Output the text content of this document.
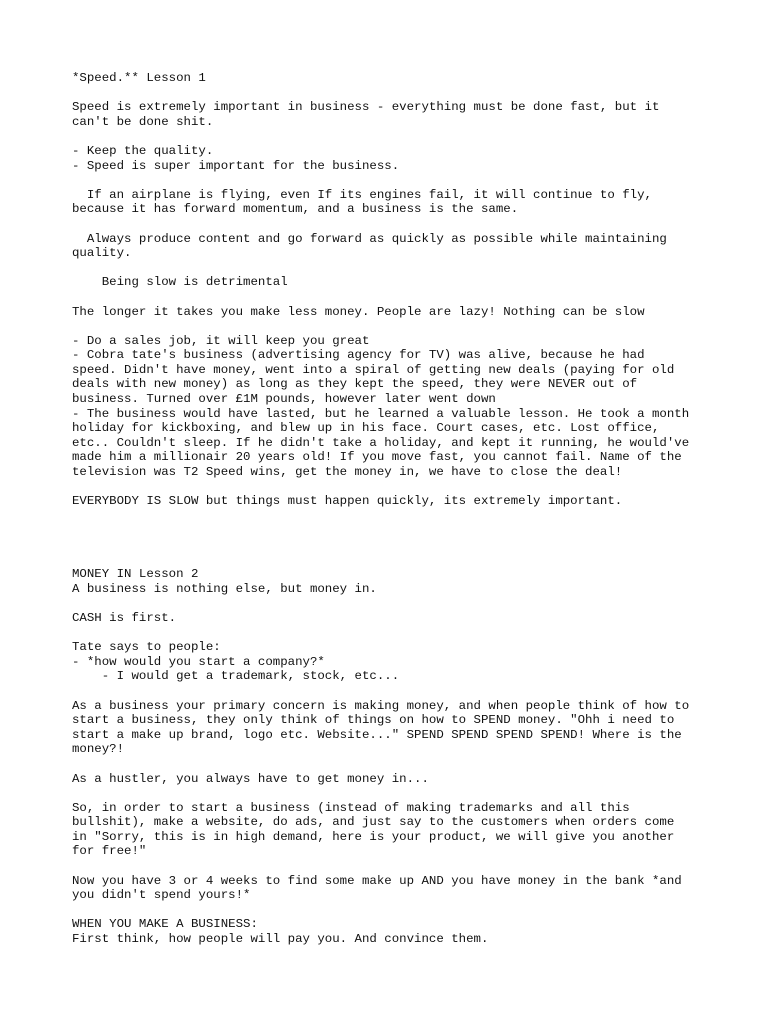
*Speed.** Lesson 1
Speed is extremely important in business - everything must be done fast, but it
can't be done shit.
- Keep the quality.
- Speed is super important for the business.
If an airplane is flying, even If its engines fail, it will continue to fly,
because it has forward momentum, and a business is the same.
Always produce content and go forward as quickly as possible while maintaining
quality.
Being slow is detrimental
The longer it takes you make less money. People are lazy! Nothing can be slow
- Do a sales job, it will keep you great
- Cobra tate's business (advertising agency for TV) was alive, because he had
speed. Didn't have money, went into a spiral of getting new deals (paying for old
deals with new money) as long as they kept the speed, they were NEVER out of
business. Turned over £1M pounds, however later went down
- The business would have lasted, but he learned a valuable lesson. He took a month
holiday for kickboxing, and blew up in his face. Court cases, etc. Lost office,
etc.. Couldn't sleep. If he didn't take a holiday, and kept it running, he would've
made him a millionair 20 years old! If you move fast, you cannot fail. Name of the
television was T2 Speed wins, get the money in, we have to close the deal!
EVERYBODY IS SLOW but things must happen quickly, its extremely important.
MONEY IN Lesson 2
A business is nothing else, but money in.
CASH is first.
Tate says to people:
- *how would you start a company?*
- I would get a trademark, stock, etc...
As a business your primary concern is making money, and when people think of how to
start a business, they only think of things on how to SPEND money. "Ohh i need to
start a make up brand, logo etc. Website..." SPEND SPEND SPEND SPEND! Where is the
money?!
As a hustler, you always have to get money in...
So, in order to start a business (instead of making trademarks and all this
bullshit), make a website, do ads, and just say to the customers when orders come
in "Sorry, this is in high demand, here is your product, we will give you another
for free!"
Now you have 3 or 4 weeks to find some make up AND you have money in the bank *and
you didn't spend yours!*
WHEN YOU MAKE A BUSINESS:
First think, how people will pay you. And convince them.
